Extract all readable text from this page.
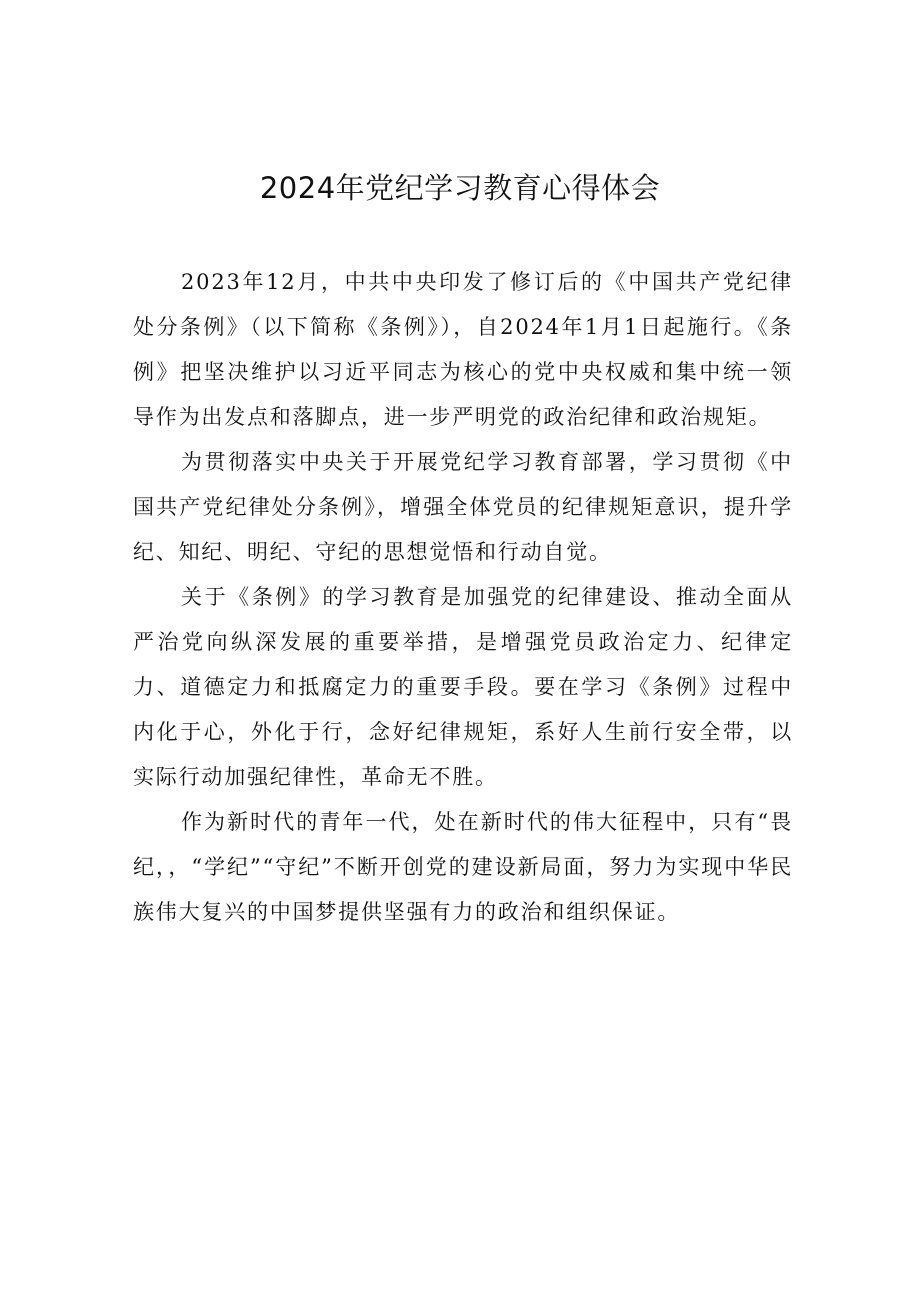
2024年党纪学习教育心得体会

2023年12月，中共中央印发了修订后的《中国共产党纪律处分条例》（以下简称《条例》），自2024年1月1日起施行。《条例》把坚决维护以习近平同志为核心的党中央权威和集中统一领导作为出发点和落脚点，进一步严明党的政治纪律和政治规矩。

为贯彻落实中央关于开展党纪学习教育部署，学习贯彻《中国共产党纪律处分条例》，增强全体党员的纪律规矩意识，提升学纪、知纪、明纪、守纪的思想觉悟和行动自觉。

关于《条例》的学习教育是加强党的纪律建设、推动全面从严治党向纵深发展的重要举措，是增强党员政治定力、纪律定力、道德定力和抵腐定力的重要手段。要在学习《条例》过程中内化于心，外化于行，念好纪律规矩，系好人生前行安全带，以实际行动加强纪律性，革命无不胜。

作为新时代的青年一代，处在新时代的伟大征程中，只有“畏纪，，“学纪”“守纪”不断开创党的建设新局面，努力为实现中华民族伟大复兴的中国梦提供坚强有力的政治和组织保证。
